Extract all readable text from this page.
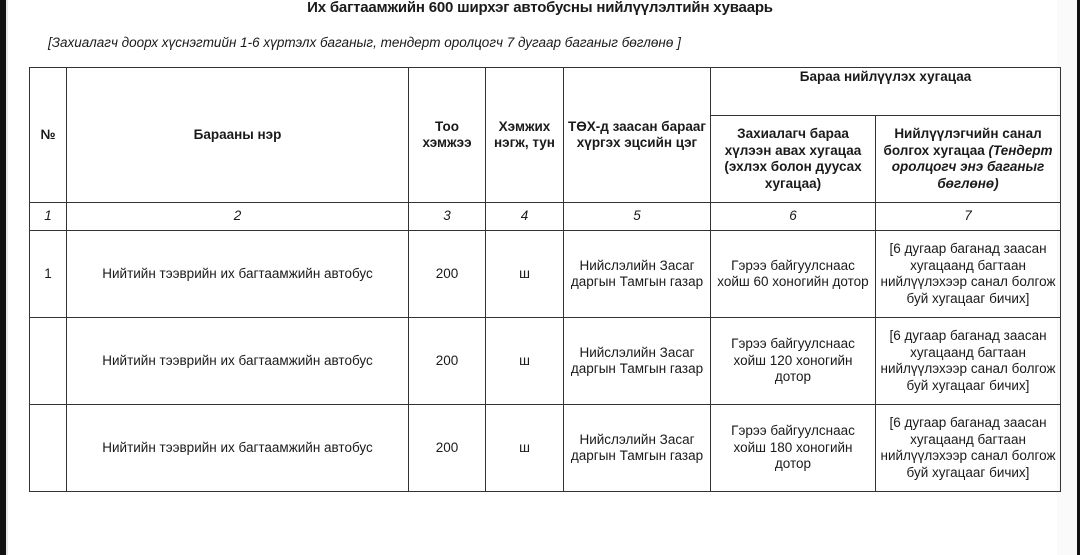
Их багтаамжийн 600 ширхэг автобусны нийлүүлэлтийн хуваарь
[Захиалагч доорх хүснэгтийн 1-6 хүртэлх баганыг, тендерт оролцогч 7 дугаар баганыг бөглөнө ]
№	Барааны нэр	Тоо хэмжээ	Хэмжих нэгж, тун	ТӨХ-д заасан барааг хүргэх эцсийн цэг	Бараа нийлүүлэх хугацаа	
					Захиалагч бараа хүлээн авах хугацаа (эхлэх болон дуусах хугацаа)	Нийлүүлэгчийн санал болгох хугацаа (Тендерт оролцогч энэ баганыг бөглөнө)
1	2	3	4	5	6	7
1	Нийтийн тээврийн их багтаамжийн автобус	200	ш	Нийслэлийн Засаг даргын Тамгын газар	Гэрээ байгуулснаас хойш 60 хоногийн дотор	[6 дугаар баганад заасан хугацаанд багтаан нийлүүлэхээр санал болгож буй хугацааг бичих]
	Нийтийн тээврийн их багтаамжийн автобус	200	ш	Нийслэлийн Засаг даргын Тамгын газар	Гэрээ байгуулснаас хойш 120 хоногийн дотор	[6 дугаар баганад заасан хугацаанд багтаан нийлүүлэхээр санал болгож буй хугацааг бичих]
	Нийтийн тээврийн их багтаамжийн автобус	200	ш	Нийслэлийн Засаг даргын Тамгын газар	Гэрээ байгуулснаас хойш 180 хоногийн дотор	[6 дугаар баганад заасан хугацаанд багтаан нийлүүлэхээр санал болгож буй хугацааг бичих]
